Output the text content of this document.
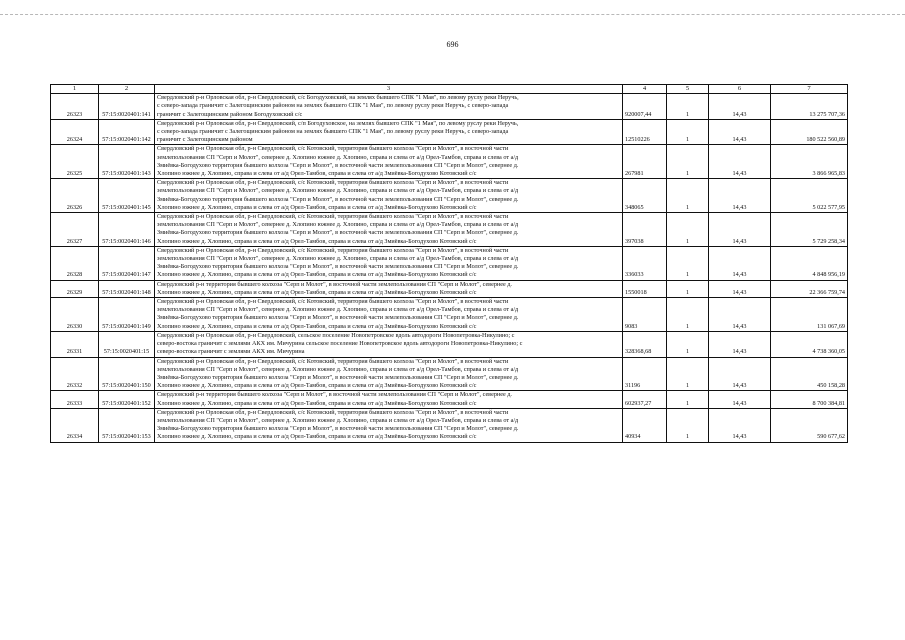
696
1	2	3	4	5	6	7
26323	57:15:0020401:141	Свердловский р-н Орловская обл, р-н Свердловский, с/с Богодуховский, на землях бывшего СПК "1 Мая", по левому руслу реки Неручь,
с северо-запада граничит с Залегощинским районом на землях бывшего СПК "1 Мая", по левому руслу реки Неручь, с северо-запада
граничит с Залегощинским районом Богодуховский с/с	920007,44	1	14,43	13 275 707,36
26324	57:15:0020401:142	Свердловский р-н Орловская обл, р-н Свердловский, с/п Богодуховское, на землях бывшего СПК "1 Мая", по левому руслу реки Неручь,
с северо-запада граничит с Залегощинским районом на землях бывшего СПК "1 Мая", по левому руслу реки Неручь, с северо-запада
граничит с Залегощинским районом	12510226	1	14,43	180 522 560,89
26325	57:15:0020401:143	Свердловский р-н Орловская обл, р-н Свердловский, с/с Котовский, территория бывшего колхоза "Серп и Молот", в восточной части
землепользования СП "Серп и Молот", севернее д. Хлопино южнее д. Хлопино, справа и слева от а/д Орел-Тамбов, справа и слева от а/д
Змиёвка-Богодухово территория бывшего колхоза "Серп и Молот", в восточной части землепользования СП "Серп и Молот", севернее д.
Хлопино южнее д. Хлопино, справа и слева от а/д Орел-Тамбов, справа и слева от а/д Змиёвка-Богодухово Котовский с/с	267981	1	14,43	3 866 965,83
26326	57:15:0020401:145	Свердловский р-н Орловская обл, р-н Свердловский, с/с Котовский, территория бывшего колхоза "Серп и Молот", в восточной части
землепользования СП "Серп и Молот", севернее д. Хлопино южнее д. Хлопино, справа и слева от а/д Орел-Тамбов, справа и слева от а/д
Змиёвка-Богодухово территория бывшего колхоза "Серп и Молот", в восточной части землепользования СП "Серп и Молот", севернее д.
Хлопино южнее д. Хлопино, справа и слева от а/д Орел-Тамбов, справа и слева от а/д Змиёвка-Богодухово Котовский с/с	348065	1	14,43	5 022 577,95
26327	57:15:0020401:146	Свердловский р-н Орловская обл, р-н Свердловский, с/с Котовский, территория бывшего колхоза "Серп и Молот", в восточной части
землепользования СП "Серп и Молот", севернее д. Хлопино южнее д. Хлопино, справа и слева от а/д Орел-Тамбов, справа и слева от а/д
Змиёвка-Богодухово территория бывшего колхоза "Серп и Молот", в восточной части землепользования СП "Серп и Молот", севернее д.
Хлопино южнее д. Хлопино, справа и слева от а/д Орел-Тамбов, справа и слева от а/д Змиёвка-Богодухово Котовский с/с	397038	1	14,43	5 729 258,34
26328	57:15:0020401:147	Свердловский р-н Орловская обл, р-н Свердловский, с/с Котовский, территория бывшего колхоза "Серп и Молот", в восточной части
землепользования СП "Серп и Молот", севернее д. Хлопино южнее д. Хлопино, справа и слева от а/д Орел-Тамбов, справа и слева от а/д
Змиёвка-Богодухово территория бывшего колхоза "Серп и Молот", в восточной части землепользования СП "Серп и Молот", севернее д.
Хлопино южнее д. Хлопино, справа и слева от а/д Орел-Тамбов, справа и слева от а/д Змиёвка-Богодухово Котовский с/с	336033	1	14,43	4 848 956,19
26329	57:15:0020401:148	Свердловский р-н территория бывшего колхоза "Серп и Молот", в восточной части землепользования СП "Серп и Молот", севернее д.
Хлопино южнее д. Хлопино, справа и слева от а/д Орел-Тамбов, справа и слева от а/д Змиёвка-Богодухово Котовский с/с	1550018	1	14,43	22 366 759,74
26330	57:15:0020401:149	Свердловский р-н Орловская обл, р-н Свердловский, с/с Котовский, территория бывшего колхоза "Серп и Молот", в восточной части
землепользования СП "Серп и Молот", севернее д. Хлопино южнее д. Хлопино, справа и слева от а/д Орел-Тамбов, справа и слева от а/д
Змиёвка-Богодухово территория бывшего колхоза "Серп и Молот", в восточной части землепользования СП "Серп и Молот", севернее д.
Хлопино южнее д. Хлопино, справа и слева от а/д Орел-Тамбов, справа и слева от а/д Змиёвка-Богодухово Котовский с/с	9083	1	14,43	131 067,69
26331	57:15:0020401:15	Свердловский р-н Орловская обл, р-н Свердловский, сельское поселение Новопетровское вдоль автодороги Новопетровка-Никулино; с
северо-востока граничит с землями АКХ им. Мичурина сельское поселение Новопетровское вдоль автодороги Новопетровка-Никулино; с
северо-востока граничит с землями АКХ им. Мичурина	328368,68	1	14,43	4 738 360,05
26332	57:15:0020401:150	Свердловский р-н Орловская обл, р-н Свердловский, с/с Котовский, территория бывшего колхоза "Серп и Молот", в восточной части
землепользования СП "Серп и Молот", севернее д. Хлопино южнее д. Хлопино, справа и слева от а/д Орел-Тамбов, справа и слева от а/д
Змиёвка-Богодухово территория бывшего колхоза "Серп и Молот", в восточной части землепользования СП "Серп и Молот", севернее д.
Хлопино южнее д. Хлопино, справа и слева от а/д Орел-Тамбов, справа и слева от а/д Змиёвка-Богодухово Котовский с/с	31196	1	14,43	450 158,28
26333	57:15:0020401:152	Свердловский р-н территория бывшего колхоза "Серп и Молот", в восточной части землепользования СП "Серп и Молот", севернее д.
Хлопино южнее д. Хлопино, справа и слева от а/д Орел-Тамбов, справа и слева от а/д Змиёвка-Богодухово Котовский с/с	602937,27	1	14,43	8 700 384,81
26334	57:15:0020401:153	Свердловский р-н Орловская обл, р-н Свердловский, с/с Котовский, территория бывшего колхоза "Серп и Молот", в восточной части
землепользования СП "Серп и Молот", севернее д. Хлопино южнее д. Хлопино, справа и слева от а/д Орел-Тамбов, справа и слева от а/д
Змиёвка-Богодухово территория бывшего колхоза "Серп и Молот", в восточной части землепользования СП "Серп и Молот", севернее д.
Хлопино южнее д. Хлопино, справа и слева от а/д Орел-Тамбов, справа и слева от а/д Змиёвка-Богодухово Котовский с/с	40934	1	14,43	590 677,62
